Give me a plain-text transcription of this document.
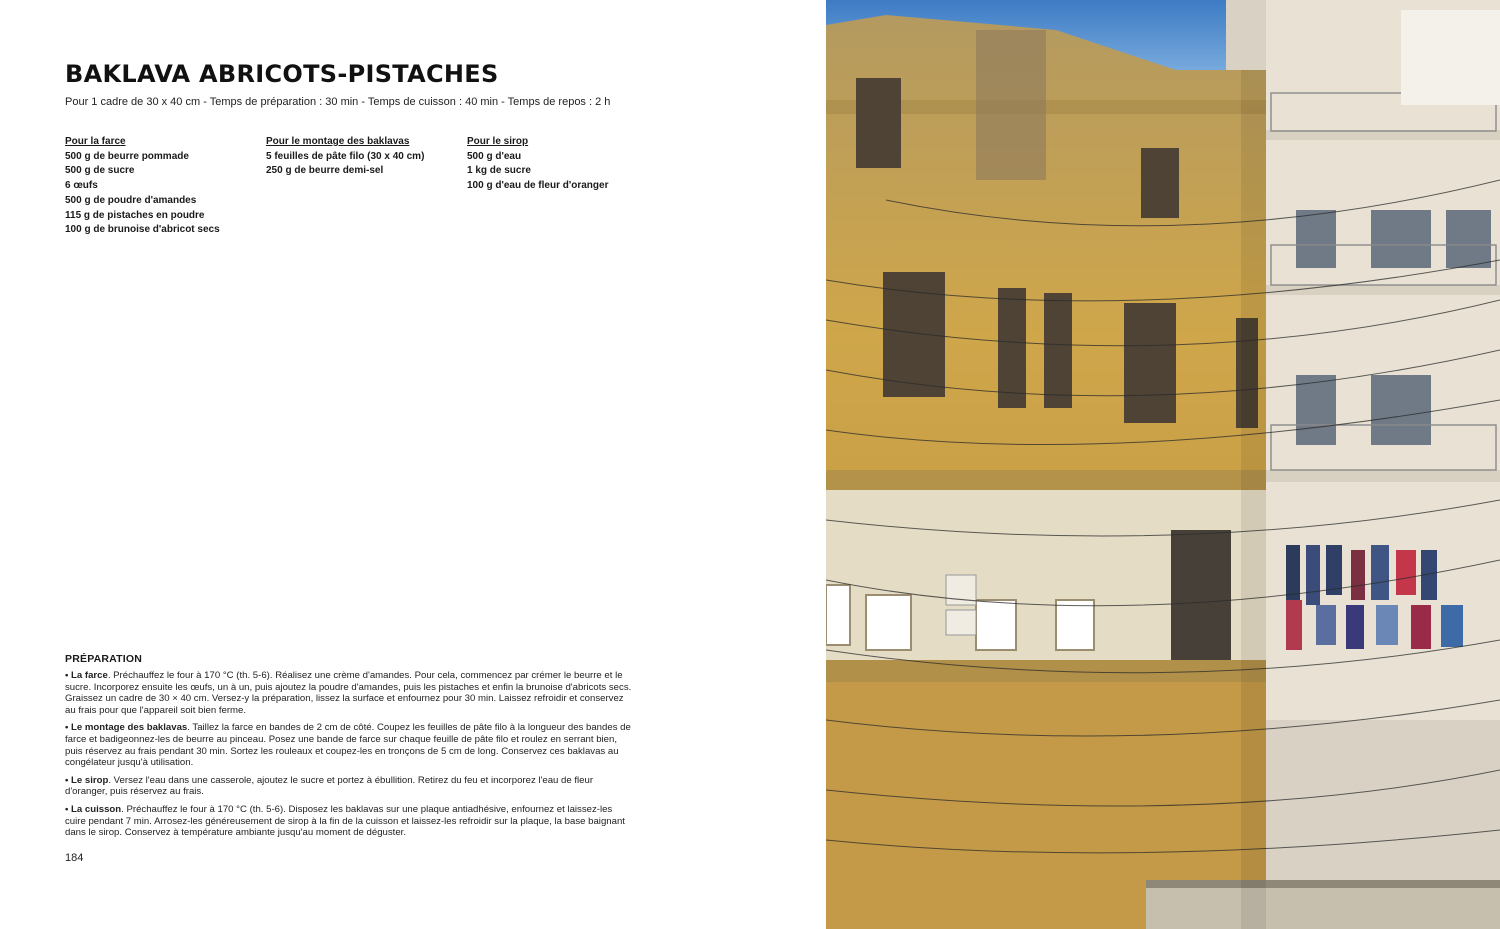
BAKLAVA ABRICOTS-PISTACHES
Pour 1 cadre de 30 x 40 cm - Temps de préparation : 30 min - Temps de cuisson : 40 min - Temps de repos : 2 h
Pour la farce
500 g de beurre pommade
500 g de sucre
6 œufs
500 g de poudre d'amandes
115 g de pistaches en poudre
100 g de brunoise d'abricot secs
Pour le montage des baklavas
5 feuilles de pâte filo (30 x 40 cm)
250 g de beurre demi-sel
Pour le sirop
500 g d'eau
1 kg de sucre
100 g d'eau de fleur d'oranger
PRÉPARATION

• La farce. Préchauffez le four à 170 °C (th. 5-6). Réalisez une crème d'amandes. Pour cela, commencez par crémer le beurre et le sucre. Incorporez ensuite les œufs, un à un, puis ajoutez la poudre d'amandes, puis les pistaches et enfin la brunoise d'abricots secs. Graissez un cadre de 30 × 40 cm. Versez-y la préparation, lissez la surface et enfournez pour 30 min. Laissez refroidir et conservez au frais pour que l'appareil soit bien ferme.

• Le montage des baklavas. Taillez la farce en bandes de 2 cm de côté. Coupez les feuilles de pâte filo à la longueur des bandes de farce et badigeonnez-les de beurre au pinceau. Posez une bande de farce sur chaque feuille de pâte filo et roulez en serrant bien, puis réservez au frais pendant 30 min. Sortez les rouleaux et coupez-les en tronçons de 5 cm de long. Conservez ces baklavas au congélateur jusqu'à utilisation.

• Le sirop. Versez l'eau dans une casserole, ajoutez le sucre et portez à ébullition. Retirez du feu et incorporez l'eau de fleur d'oranger, puis réservez au frais.

• La cuisson. Préchauffez le four à 170 °C (th. 5-6). Disposez les baklavas sur une plaque antiadhésive, enfournez et laissez-les cuire pendant 7 min. Arrosez-les généreusement de sirop à la fin de la cuisson et laissez-les refroidir sur la plaque, la base baignant dans le sirop. Conservez à température ambiante jusqu'au moment de déguster.

184
